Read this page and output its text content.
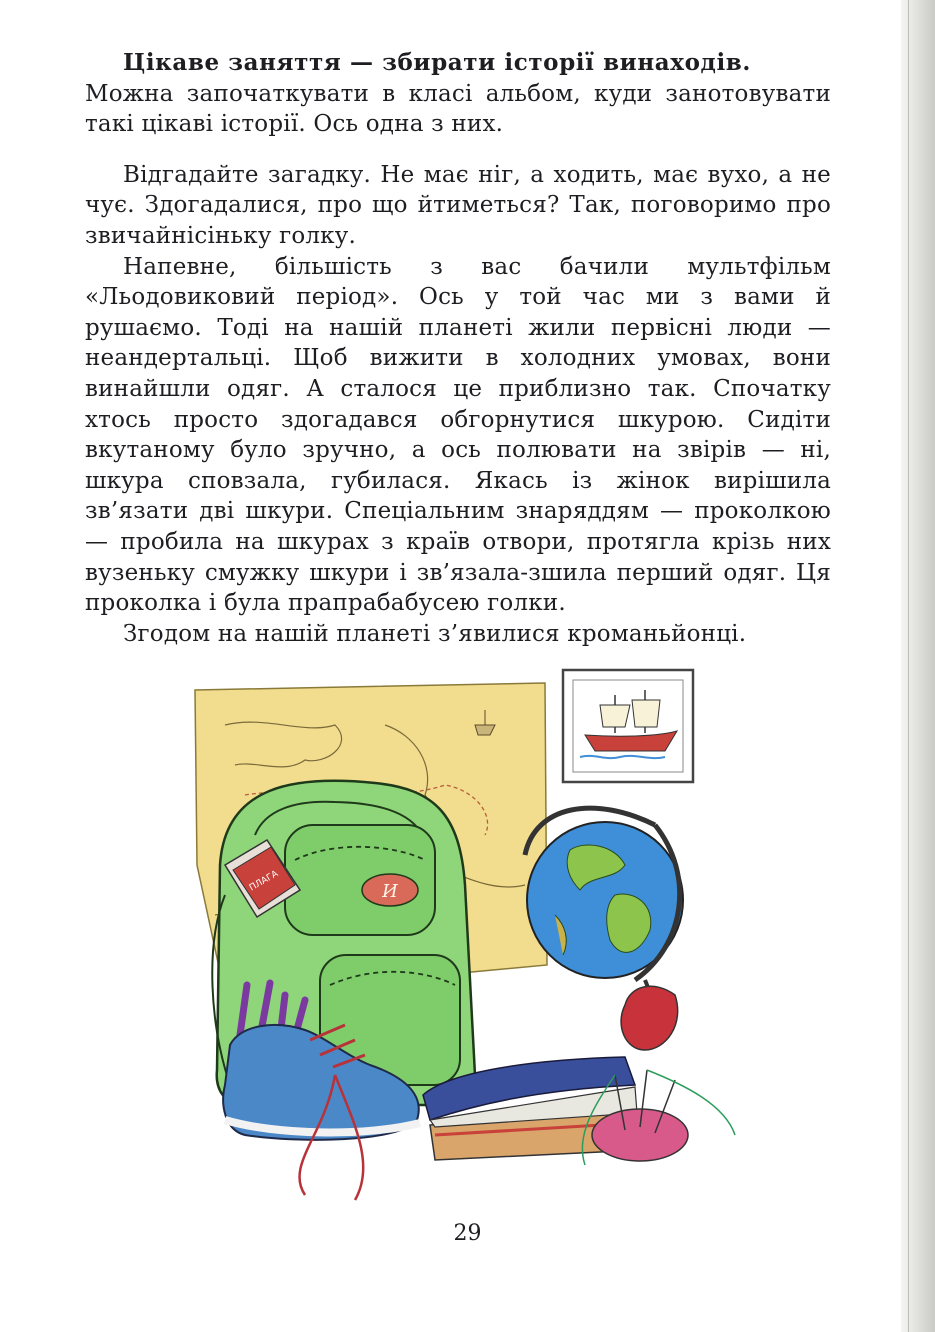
Цікаве заняття — збирати історії винаходів.
Можна започаткувати в класі альбом, куди занотовувати такі цікаві історії. Ось одна з них.

Відгадайте загадку. Не має ніг, а ходить, має вухо, а не чує. Здогадалися, про що йтиметься? Так, поговоримо про звичайнісіньку голку.

Напевне, більшість з вас бачили мультфільм «Льодовиковий період». Ось у той час ми з вами й рушаємо. Тоді на нашій планеті жили первісні люди — неандертальці. Щоб вижити в холодних умовах, вони винайшли одяг. А сталося це приблизно так. Спочатку хтось просто здогадався обгорнутися шкурою. Сидіти вкутаному було зручно, а ось полювати на звірів — ні, шкура сповзала, губилася. Якась із жінок вирішила зв’язати дві шкури. Спеціальним знаряддям — проколкою — пробила на шкурах з країв отвори, протягла крізь них вузеньку смужку шкури і зв’язала-зшила перший одяг. Ця проколка і була прапрабабусею голки.

Згодом на нашій планеті з’явилися кроманьйонці.

И
ПЛАГА
29
